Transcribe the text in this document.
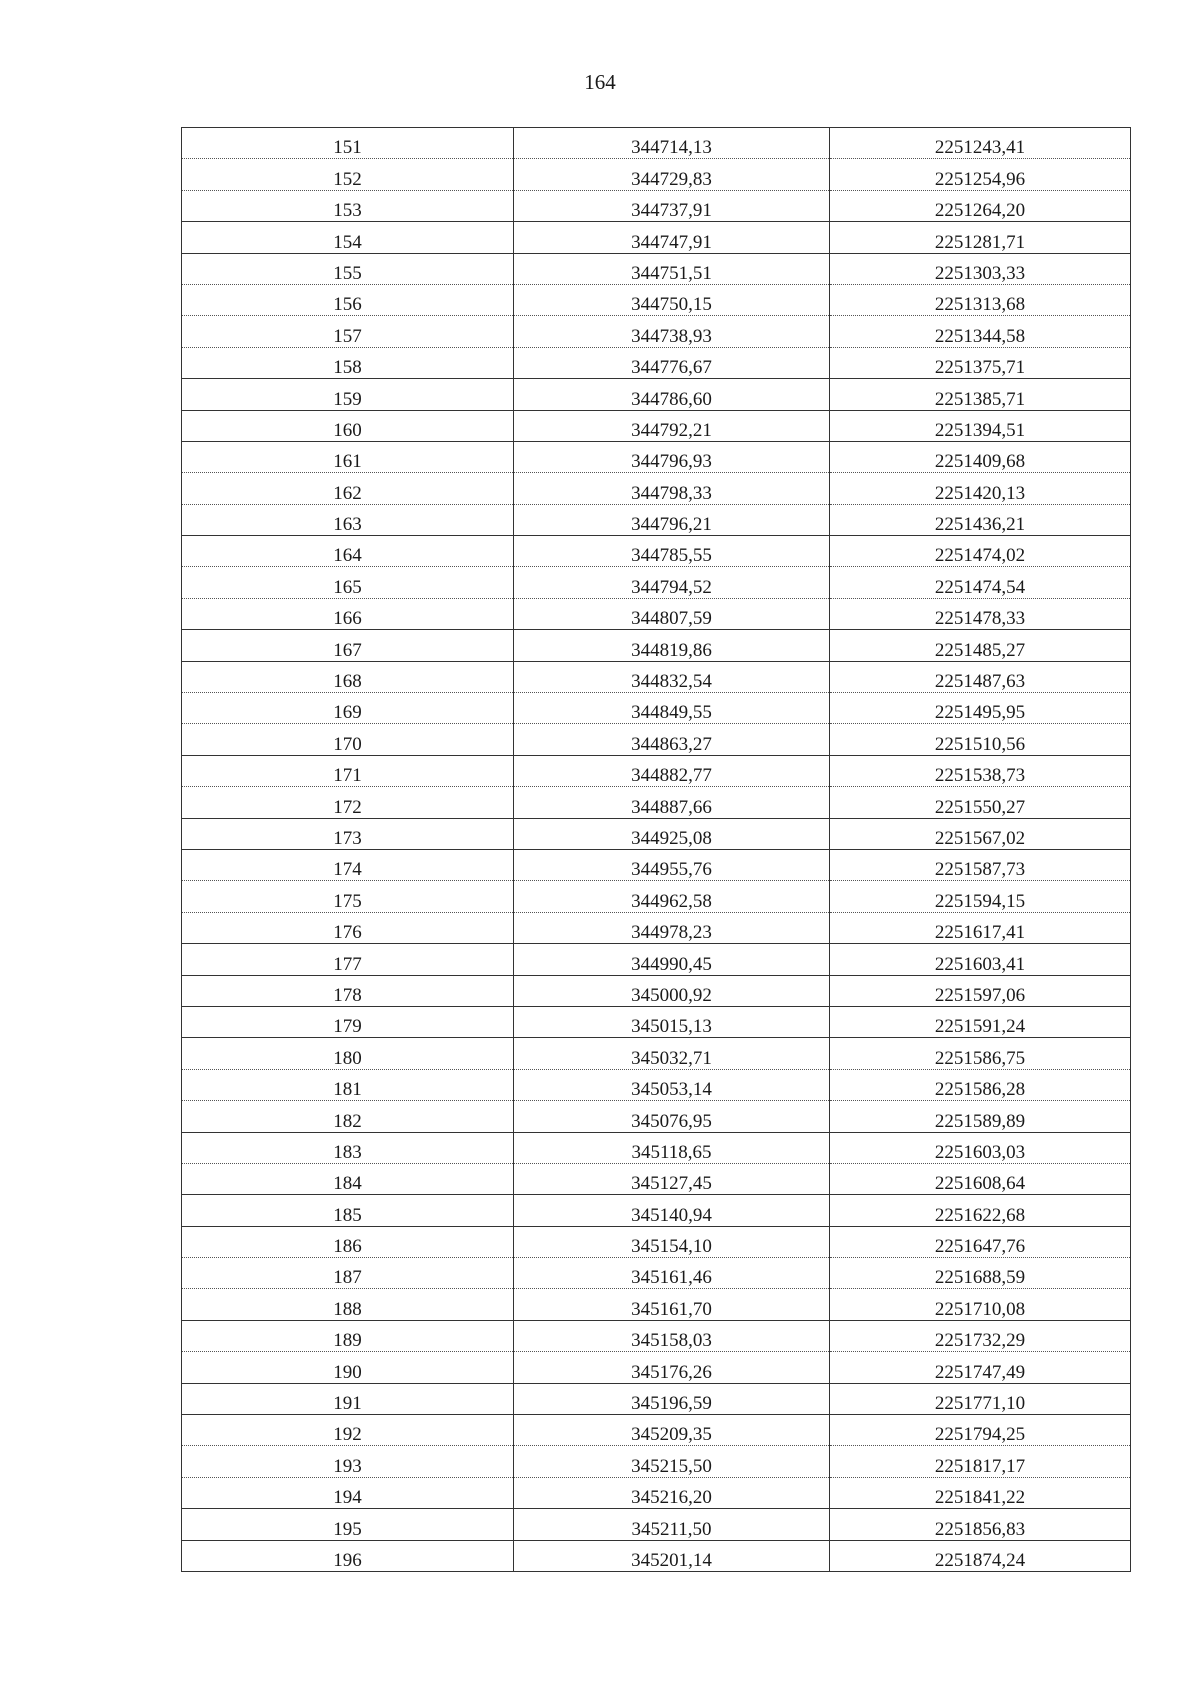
164
151	344714,13	2251243,41
152	344729,83	2251254,96
153	344737,91	2251264,20
154	344747,91	2251281,71
155	344751,51	2251303,33
156	344750,15	2251313,68
157	344738,93	2251344,58
158	344776,67	2251375,71
159	344786,60	2251385,71
160	344792,21	2251394,51
161	344796,93	2251409,68
162	344798,33	2251420,13
163	344796,21	2251436,21
164	344785,55	2251474,02
165	344794,52	2251474,54
166	344807,59	2251478,33
167	344819,86	2251485,27
168	344832,54	2251487,63
169	344849,55	2251495,95
170	344863,27	2251510,56
171	344882,77	2251538,73
172	344887,66	2251550,27
173	344925,08	2251567,02
174	344955,76	2251587,73
175	344962,58	2251594,15
176	344978,23	2251617,41
177	344990,45	2251603,41
178	345000,92	2251597,06
179	345015,13	2251591,24
180	345032,71	2251586,75
181	345053,14	2251586,28
182	345076,95	2251589,89
183	345118,65	2251603,03
184	345127,45	2251608,64
185	345140,94	2251622,68
186	345154,10	2251647,76
187	345161,46	2251688,59
188	345161,70	2251710,08
189	345158,03	2251732,29
190	345176,26	2251747,49
191	345196,59	2251771,10
192	345209,35	2251794,25
193	345215,50	2251817,17
194	345216,20	2251841,22
195	345211,50	2251856,83
196	345201,14	2251874,24
